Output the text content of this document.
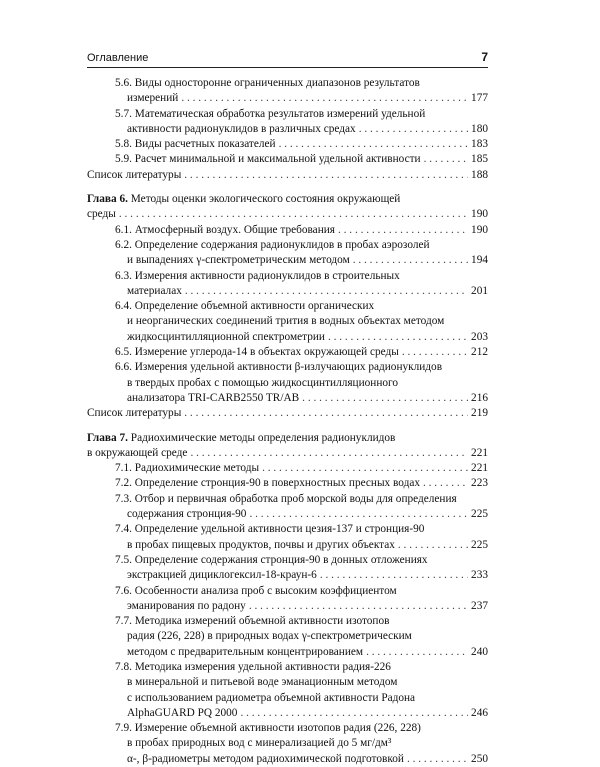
Оглавление	7
5.6. Виды односторонне ограниченных диапазонов результатов
измерений . . .	177
5.7. Математическая обработка результатов измерений удельной
активности радионуклидов в различных средах . . .	180
5.8. Виды расчетных показателей . . .	183
5.9. Расчет минимальной и максимальной удельной активности . . .	185
Список литературы . . .	188
Глава 6. Методы оценки экологического состояния окружающей
среды . . .	190
6.1. Атмосферный воздух. Общие требования . . .	190
6.2. Определение содержания радионуклидов в пробах аэрозолей
и выпадениях γ-спектрометрическим методом . . .	194
6.3. Измерения активности радионуклидов в строительных
материалах . . .	201
6.4. Определение объемной активности органических
и неорганических соединений трития в водных объектах методом
жидкосцинтилляционной спектрометрии . . .	203
6.5. Измерение углерода-14 в объектах окружающей среды . . .	212
6.6. Измерения удельной активности β-излучающих радионуклидов
в твердых пробах с помощью жидкосцинтилляционного
анализатора TRI-CARB2550 TR/AB . . .	216
Список литературы . . .	219
Глава 7. Радиохимические методы определения радионуклидов
в окружающей среде . . .	221
7.1. Радиохимические методы . . .	221
7.2. Определение стронция-90 в поверхностных пресных водах . . .	223
7.3. Отбор и первичная обработка проб морской воды для определения
содержания стронция-90 . . .	225
7.4. Определение удельной активности цезия-137 и стронция-90
в пробах пищевых продуктов, почвы и других объектах . . .	225
7.5. Определение содержания стронция-90 в донных отложениях
экстракцией дициклогексил-18-краун-6 . . .	233
7.6. Особенности анализа проб с высоким коэффициентом
эманирования по радону . . .	237
7.7. Методика измерений объемной активности изотопов
радия (226, 228) в природных водах γ-спектрометрическим
методом с предварительным концентрированием . . .	240
7.8. Методика измерения удельной активности радия-226
в минеральной и питьевой воде эманационным методом
с использованием радиометра объемной активности Радона
AlphaGUARD PQ 2000 . . .	246
7.9. Измерение объемной активности изотопов радия (226, 228)
в пробах природных вод с минерализацией до 5 мг/дм³
α-, β-радиометры методом радиохимической подготовкой . . .	250
